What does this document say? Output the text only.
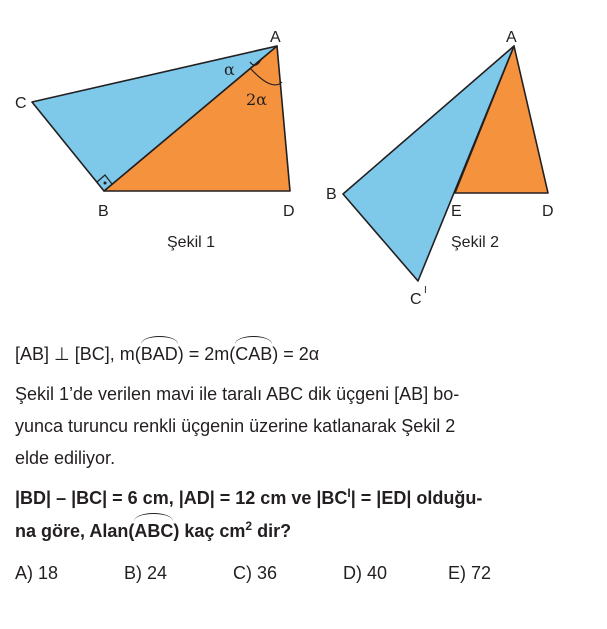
A
B
C
D
α
2α
Şekil 1
A
B
E	D
C
I
Şekil 2
[AB] ⊥ [BC], m(BAD) = 2m(CAB) = 2α
Şekil 1’de verilen mavi ile taralı ABC dik üçgeni [AB] bo-
yunca turuncu renkli üçgenin üzerine katlanarak Şekil 2
elde ediliyor.
|BD| – |BC| = 6 cm, |AD| = 12 cm ve $|BC^I| = |ED|$ olduğu-
na göre, Alan(ABC) kaç $cm^2$ dir?
A) 18	B) 24	C) 36	D) 40	E) 72
